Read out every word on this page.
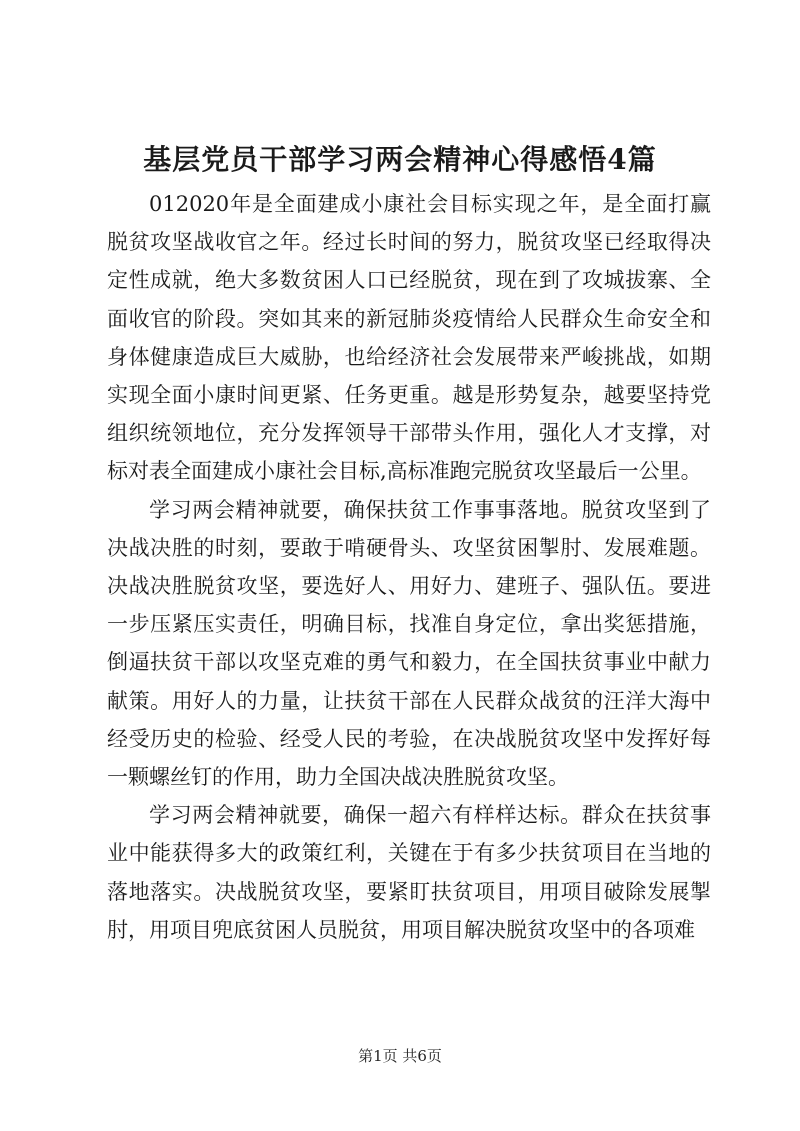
基层党员干部学习两会精神心得感悟4篇

012020年是全面建成小康社会目标实现之年，是全面打赢脱贫攻坚战收官之年。经过长时间的努力，脱贫攻坚已经取得决定性成就，绝大多数贫困人口已经脱贫，现在到了攻城拔寨、全面收官的阶段。突如其来的新冠肺炎疫情给人民群众生命安全和身体健康造成巨大威胁，也给经济社会发展带来严峻挑战，如期实现全面小康时间更紧、任务更重。越是形势复杂，越要坚持党组织统领地位，充分发挥领导干部带头作用，强化人才支撑，对标对表全面建成小康社会目标,高标准跑完脱贫攻坚最后一公里。

学习两会精神就要，确保扶贫工作事事落地。脱贫攻坚到了决战决胜的时刻，要敢于啃硬骨头、攻坚贫困掣肘、发展难题。决战决胜脱贫攻坚，要选好人、用好力、建班子、强队伍。要进一步压紧压实责任，明确目标，找准自身定位，拿出奖惩措施，倒逼扶贫干部以攻坚克难的勇气和毅力，在全国扶贫事业中献力献策。用好人的力量，让扶贫干部在人民群众战贫的汪洋大海中经受历史的检验、经受人民的考验，在决战脱贫攻坚中发挥好每一颗螺丝钉的作用，助力全国决战决胜脱贫攻坚。

学习两会精神就要，确保一超六有样样达标。群众在扶贫事业中能获得多大的政策红利，关键在于有多少扶贫项目在当地的落地落实。决战脱贫攻坚，要紧盯扶贫项目，用项目破除发展掣肘，用项目兜底贫困人员脱贫，用项目解决脱贫攻坚中的各项难

第1页 共6页
